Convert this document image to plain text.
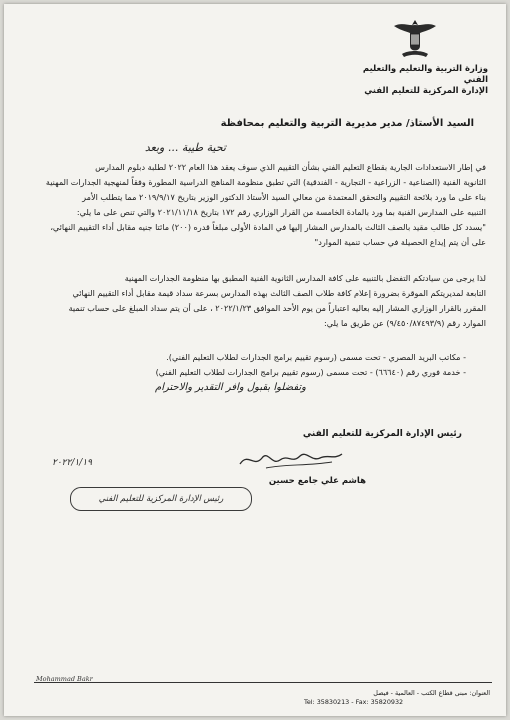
وزارة التربية والتعليم والتعليم الفني
الإدارة المركزية للتعليم الفني
السيد الأستاذ/ مدير مديرية التربية والتعليم بمحافظة
تحية طيبة ... وبعد
في إطار الاستعدادات الجارية بقطاع التعليم الفني بشأن التقييم الذي سوف يعقد هذا العام ٢٠٢٢ لطلبة دبلوم المدارس
الثانوية الفنية (الصناعية - الزراعية - التجارية - الفندقية) التي تطبق منظومة المناهج الدراسية المطورة وفقاً لمنهجية الجدارات المهنية
بناء على ما ورد بلائحة التقييم والتحقق المعتمدة من معالي السيد الأستاذ الدكتور الوزير بتاريخ ٢٠١٩/٩/١٧ مما يتطلب الأمر
التنبيه على المدارس الفنية بما ورد بالمادة الخامسة من القرار الوزاري رقم ١٧٢ بتاريخ ٢٠٢١/١١/١٨ والتي تنص على ما يلي:
"يسدد كل طالب مقيد بالصف الثالث بالمدارس المشار إليها في المادة الأولى مبلغاً قدره (٢٠٠) مائتا جنيه مقابل أداء التقييم النهائي،
على أن يتم إيداع الحصيلة في حساب تنمية الموارد"
لذا يرجى من سيادتكم التفضل بالتنبيه على كافة المدارس الثانوية الفنية المطبق بها منظومة الجدارات المهنية
التابعة لمديريتكم الموقرة بضرورة إعلام كافة طلاب الصف الثالث بهذه المدارس بسرعة سداد قيمة مقابل أداء التقييم النهائي
المقرر بالقرار الوزاري المشار إليه بعاليه اعتباراً من يوم الأحد الموافق ٢٠٢٢/١/٢٣ ، على أن يتم سداد المبلغ على حساب تنمية
الموارد رقم (٩/٤٥٠/٨٧٤٩٣/٩) عن طريق ما يلي:
- مكاتب البريد المصري - تحت مسمى (رسوم تقييم برامج الجدارات لطلاب التعليم الفني).
- خدمة فوري رقم (٦٦٦٤٠) - تحت مسمى (رسوم تقييم برامج الجدارات لطلاب التعليم الفني)
وتفضلوا بقبول وافر التقدير والاحترام
رئيس الإدارة المركزية للتعليم الفني
٢٠٢٢/١/١٩
هاشم علي جامع حسين
رئيس الإدارة المركزية للتعليم الفني
Mohammad Bakr
العنوان: مبنى قطاع الكتب - العالمية - فيصل
Tel: 35830213 - Fax: 35820932
